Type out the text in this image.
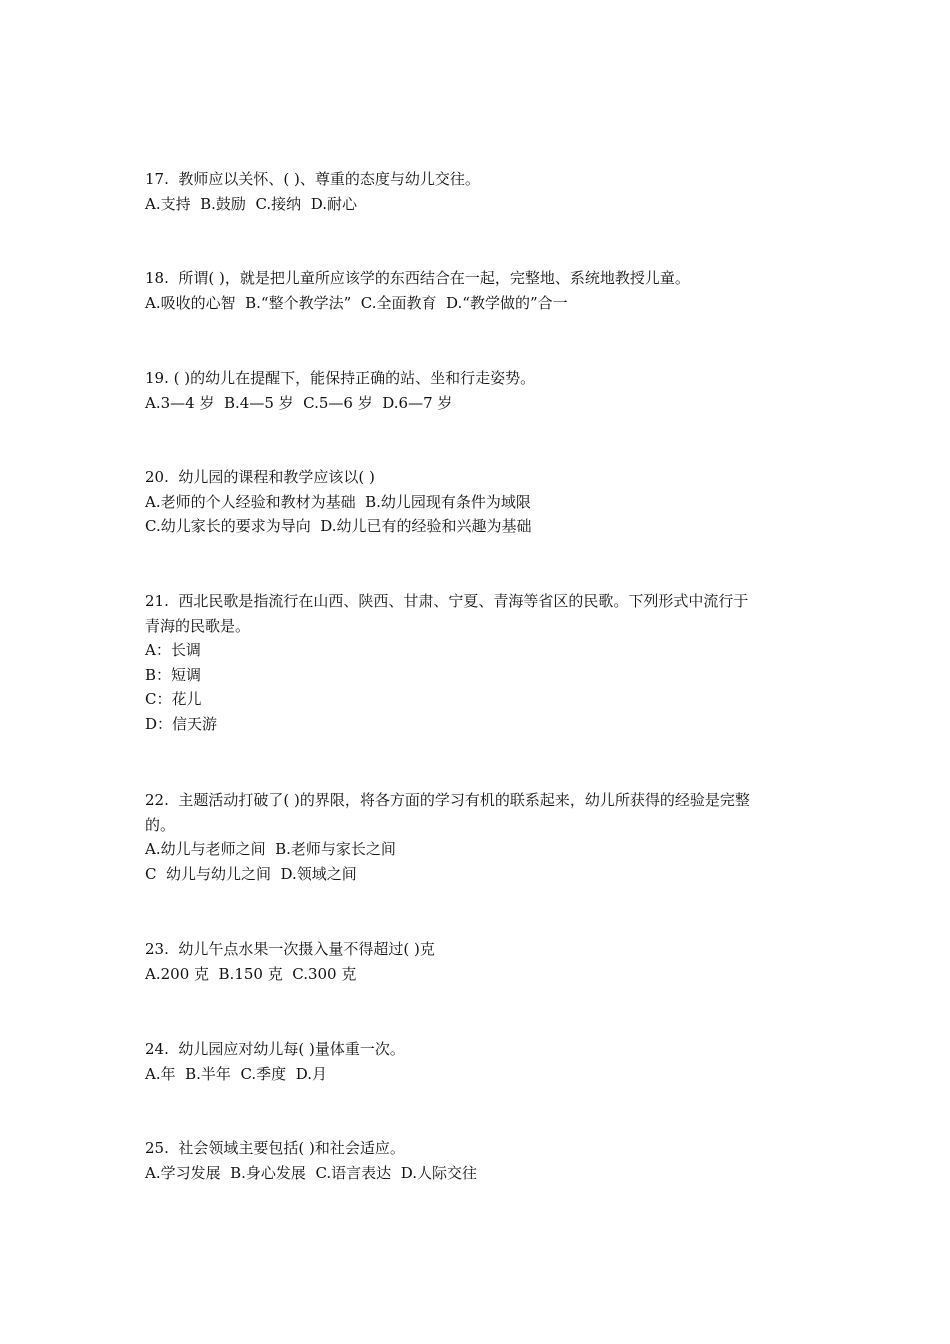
17.  教师应以关怀、( )、尊重的态度与幼儿交往。

A.支持  B.鼓励  C.接纳  D.耐心

18.  所谓( )，就是把儿童所应该学的东西结合在一起，完整地、系统地教授儿童。

A.吸收的心智  B.“整个教学法”  C.全面教育  D.“教学做的”合一

19. ( )的幼儿在提醒下，能保持正确的站、坐和行走姿势。

A.3—4 岁  B.4—5 岁  C.5—6 岁  D.6—7 岁

20.  幼儿园的课程和教学应该以( )

A.老师的个人经验和教材为基础  B.幼儿园现有条件为域限

C.幼儿家长的要求为导向  D.幼儿已有的经验和兴趣为基础

21.  西北民歌是指流行在山西、陕西、甘肃、宁夏、青海等省区的民歌。下列形式中流行于

青海的民歌是。

A：长调

B：短调

C：花儿

D：信天游

22.  主题活动打破了( )的界限，将各方面的学习有机的联系起来，幼儿所获得的经验是完整

的。

A.幼儿与老师之间  B.老师与家长之间

C  幼儿与幼儿之间  D.领域之间

23.  幼儿午点水果一次摄入量不得超过( )克

A.200 克  B.150 克  C.300 克

24.  幼儿园应对幼儿每( )量体重一次。

A.年  B.半年  C.季度  D.月

25.  社会领域主要包括( )和社会适应。

A.学习发展  B.身心发展  C.语言表达  D.人际交往
